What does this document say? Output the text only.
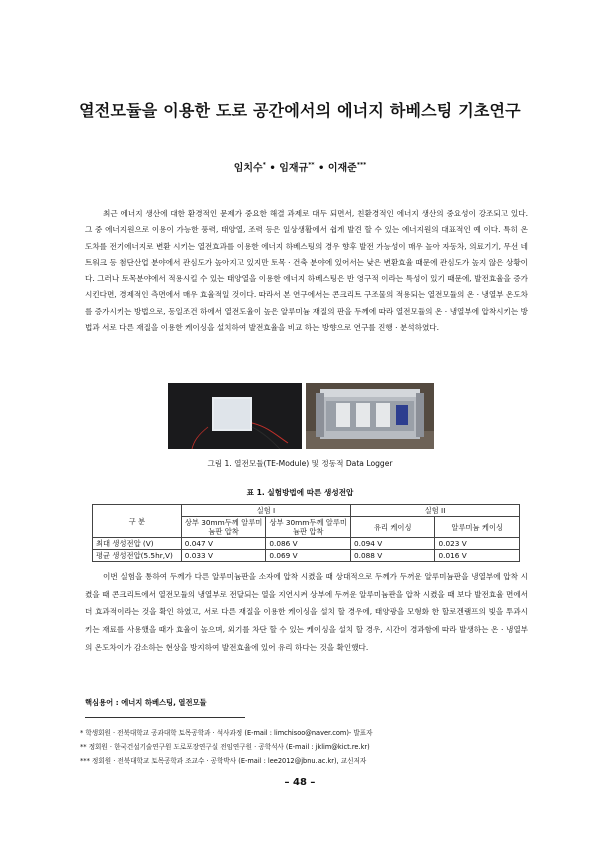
열전모듈을 이용한 도로 공간에서의 에너지 하베스팅 기초연구
임치수* • 임재규** • 이재준***

최근 에너지 생산에 대한 환경적인 문제가 중요한 해결 과제로 대두 되면서, 친환경적인 에너지 생산의 중요성이 강조되고 있다. 그 중 에너지원으로 이용이 가능한 풍력, 태양열, 조력 등은 일상생활에서 쉽게 발견 할 수 있는 에너지원의 대표적인 예 이다. 특히 온도차를 전기에너지로 변환 시키는 열전효과를 이용한 에너지 하베스팅의 경우 향후 발전 가능성이 매우 높아 자동차, 의료기기, 무선 네트워크 등 첨단산업 분야에서 관심도가 높아지고 있지만 토목 · 건축 분야에 있어서는 낮은 변환효율 때문에 관심도가 높지 않은 상황이다. 그러나 토목분야에서 적용시킬 수 있는 태양열을 이용한 에너지 하베스팅은 반 영구적 이라는 특성이 있기 때문에, 발전효율을 증가시킨다면, 경제적인 측면에서 매우 효율적일 것이다. 따라서 본 연구에서는 콘크리트 구조물의 적용되는 열전모듈의 온 · 냉열부 온도차를 증가시키는 방법으로, 동일조건 하에서 열전도율이 높은 알루미늄 재질의 판을 두께에 따라 열전모듈의 온 · 냉열부에 압착시키는 방법과 서로 다른 재질을 이용한 케이싱을 설치하여 발전효율을 비교 하는 방향으로 연구를 진행 · 분석하였다.

그림 1. 열전모듈(TE-Module) 및 정동적 Data Logger
표 1. 실험방법에 따른 생성전압
구 분	실험 I		실험 II	
	상부 30mm두께 알루미늄판 압착	상부 30mm두께 알루미늄판 압착	유리 케이싱	알루미늄 케이싱
최대 생성전압 (V)	0.047 V	0.086 V	0.094 V	0.023 V
평균 생성전압(5.5hr,V)	0.033 V	0.069 V	0.088 V	0.016 V

이번 실험을 통하여 두께가 다른 알루미늄판을 소자에 압착 시켰을 때 상대적으로 두께가 두꺼운 알루미늄판을 냉열부에 압착 시켰을 때 콘크리트에서 열전모듈의 냉열부로 전달되는 열을 지연시켜 상부에 두꺼운 알루미늄판을 압착 시켰을 때 보다 발전효율 면에서 더 효과적이라는 것을 확인 하였고, 서로 다른 재질을 이용한 케이싱을 설치 할 경우에, 태양광을 모형화 한 할로겐램프의 빛을 투과시키는 재료를 사용했을 때가 효율이 높으며, 외기를 차단 할 수 있는 케이싱을 설치 할 경우, 시간이 경과함에 따라 발생하는 온 · 냉열부의 온도차이가 감소하는 현상을 방지하여 발전효율에 있어 유리 하다는 것을 확인했다.

핵심용어 : 에너지 하베스팅, 열전모듈
* 학생회원 · 전북대학교 공과대학 토목공학과 · 석사과정 (E-mail : limchisoo@naver.com)- 발표자
** 정회원 · 한국건설기술연구원 도로포장연구실 전임연구원 · 공학석사 (E-mail : jklim@kict.re.kr)
*** 정회원 · 전북대학교 토목공학과 조교수 · 공학박사 (E-mail : lee2012@jbnu.ac.kr), 교신저자
– 48 –
